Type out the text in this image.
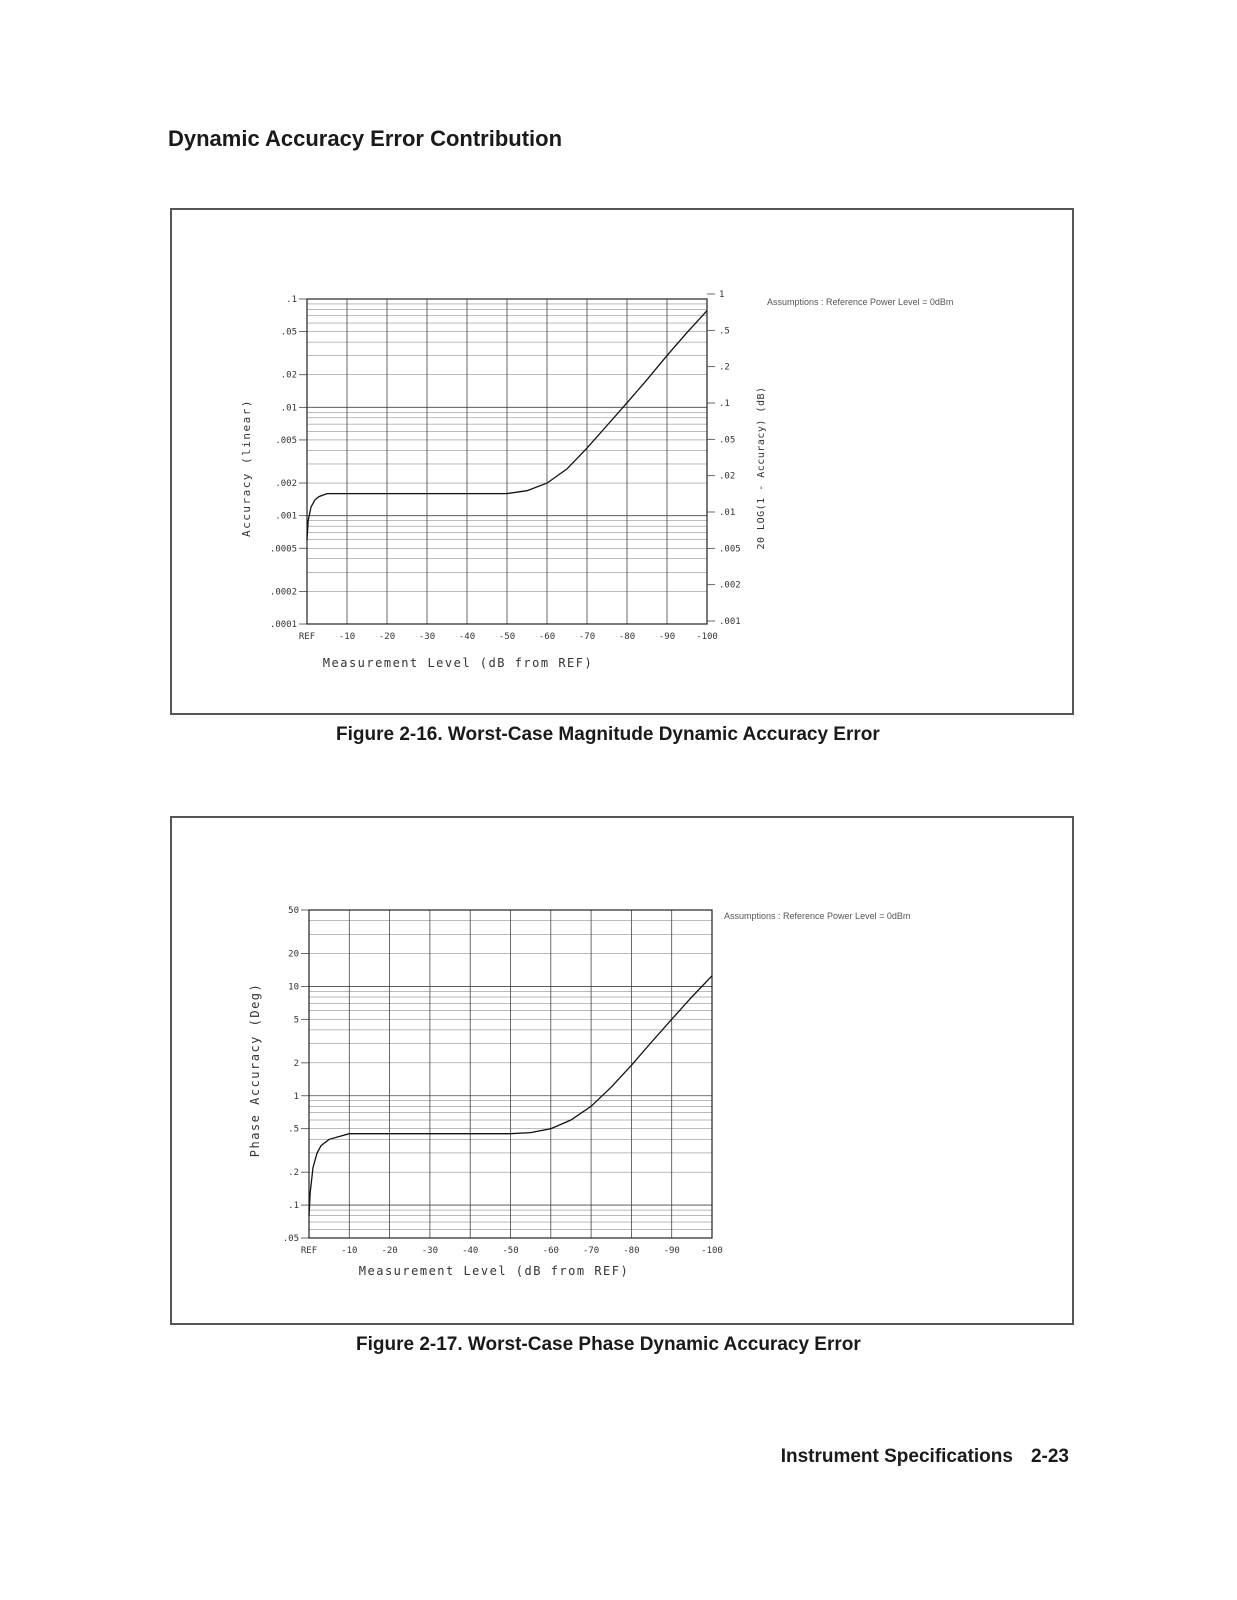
Dynamic Accuracy Error Contribution
.1
.05
.02
.01
.005
.002
.001
.0005
.0002
.0001
1
.5
.2
.1
.05
.02
.01
.005
.002
.001
REF	-10	-20	-30	-40	-50	-60	-70	-80	-90 -100
Measurement Level (dB from REF)
Accuracy (linear)	20 LOG(1 - Accuracy) (dB)
Assumptions : Reference Power Level = 0dBm
Figure 2-16. Worst-Case Magnitude Dynamic Accuracy Error
50
20
10
5
2
1
.5
.2
.1
.05
REF	-10	-20	-30	-40	-50	-60	-70	-80	-90 -100
Measurement Level (dB from REF)
Phase Accuracy (Deg)
Assumptions : Reference Power Level = 0dBm
Figure 2-17. Worst-Case Phase Dynamic Accuracy Error
Instrument Specifications 2-23
